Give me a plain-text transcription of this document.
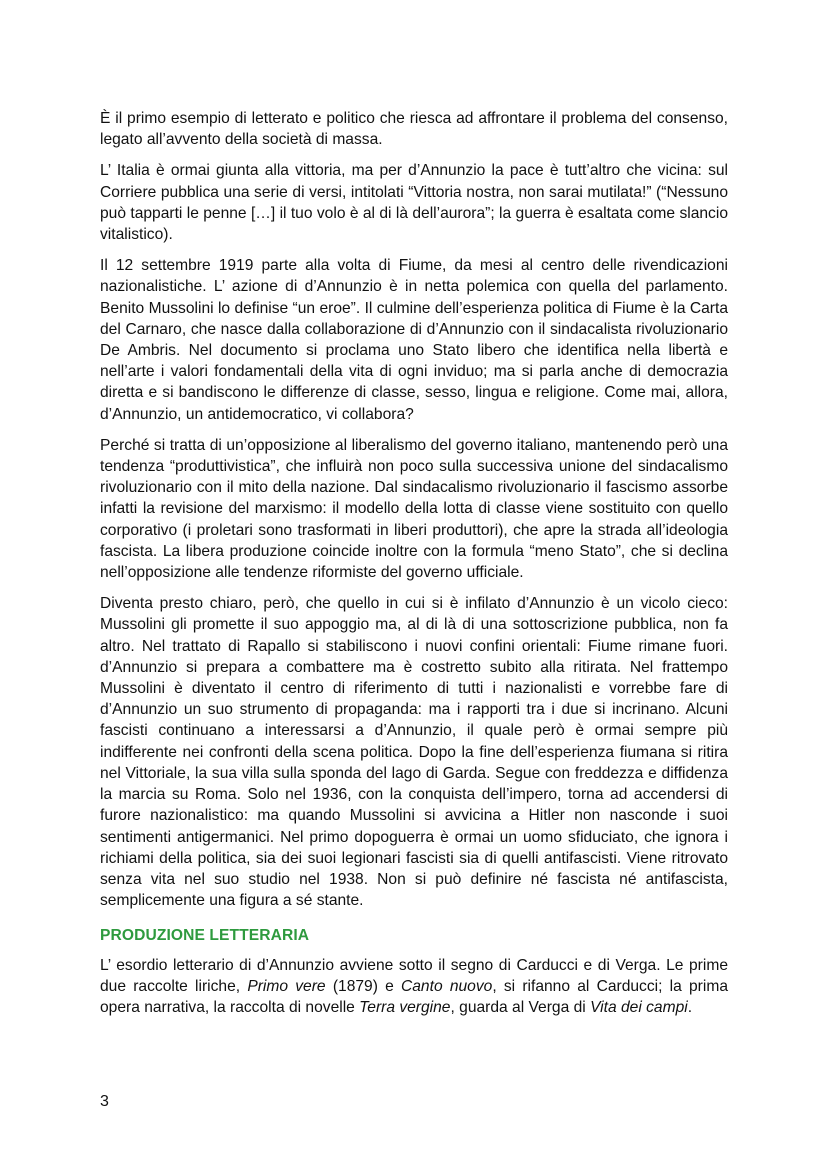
È il primo esempio di letterato e politico che riesca ad affrontare il problema del consenso, legato all’avvento della società di massa.

L’ Italia è ormai giunta alla vittoria, ma per d’Annunzio la pace è tutt’altro che vicina: sul Corriere pubblica una serie di versi, intitolati “Vittoria nostra, non sarai mutilata!” (“Nessuno può tapparti le penne […] il tuo volo è al di là dell’aurora”; la guerra è esaltata come slancio vitalistico).

Il 12 settembre 1919 parte alla volta di Fiume, da mesi al centro delle rivendicazioni nazionalistiche. L’ azione di d’Annunzio è in netta polemica con quella del parlamento. Benito Mussolini lo definise “un eroe”. Il culmine dell’esperienza politica di Fiume è la Carta del Carnaro, che nasce dalla collaborazione di d’Annunzio con il sindacalista rivoluzionario De Ambris. Nel documento si proclama uno Stato libero che identifica nella libertà e nell’arte i valori fondamentali della vita di ogni inviduo; ma si parla anche di democrazia diretta e si bandiscono le differenze di classe, sesso, lingua e religione. Come mai, allora, d’Annunzio, un antidemocratico, vi collabora?

Perché si tratta di un’opposizione al liberalismo del governo italiano, mantenendo però una tendenza “produttivistica”, che influirà non poco sulla successiva unione del sindacalismo rivoluzionario con il mito della nazione. Dal sindacalismo rivoluzionario il fascismo assorbe infatti la revisione del marxismo: il modello della lotta di classe viene sostituito con quello corporativo (i proletari sono trasformati in liberi produttori), che apre la strada all’ideologia fascista. La libera produzione coincide inoltre con la formula “meno Stato”, che si declina nell’opposizione alle tendenze riformiste del governo ufficiale.

Diventa presto chiaro, però, che quello in cui si è infilato d’Annunzio è un vicolo cieco: Mussolini gli promette il suo appoggio ma, al di là di una sottoscrizione pubblica, non fa altro. Nel trattato di Rapallo si stabiliscono i nuovi confini orientali: Fiume rimane fuori. d’Annunzio si prepara a combattere ma è costretto subito alla ritirata. Nel frattempo Mussolini è diventato il centro di riferimento di tutti i nazionalisti e vorrebbe fare di d’Annunzio un suo strumento di propaganda: ma i rapporti tra i due si incrinano. Alcuni fascisti continuano a interessarsi a d’Annunzio, il quale però è ormai sempre più indifferente nei confronti della scena politica. Dopo la fine dell’esperienza fiumana si ritira nel Vittoriale, la sua villa sulla sponda del lago di Garda. Segue con freddezza e diffidenza la marcia su Roma. Solo nel 1936, con la conquista dell’impero, torna ad accendersi di furore nazionalistico: ma quando Mussolini si avvicina a Hitler non nasconde i suoi sentimenti antigermanici. Nel primo dopoguerra è ormai un uomo sfiduciato, che ignora i richiami della politica, sia dei suoi legionari fascisti sia di quelli antifascisti. Viene ritrovato senza vita nel suo studio nel 1938. Non si può definire né fascista né antifascista, semplicemente una figura a sé stante.

PRODUZIONE LETTERARIA

L’ esordio letterario di d’Annunzio avviene sotto il segno di Carducci e di Verga. Le prime due raccolte liriche, Primo vere (1879) e Canto nuovo, si rifanno al Carducci; la prima opera narrativa, la raccolta di novelle Terra vergine, guarda al Verga di Vita dei campi.

3
